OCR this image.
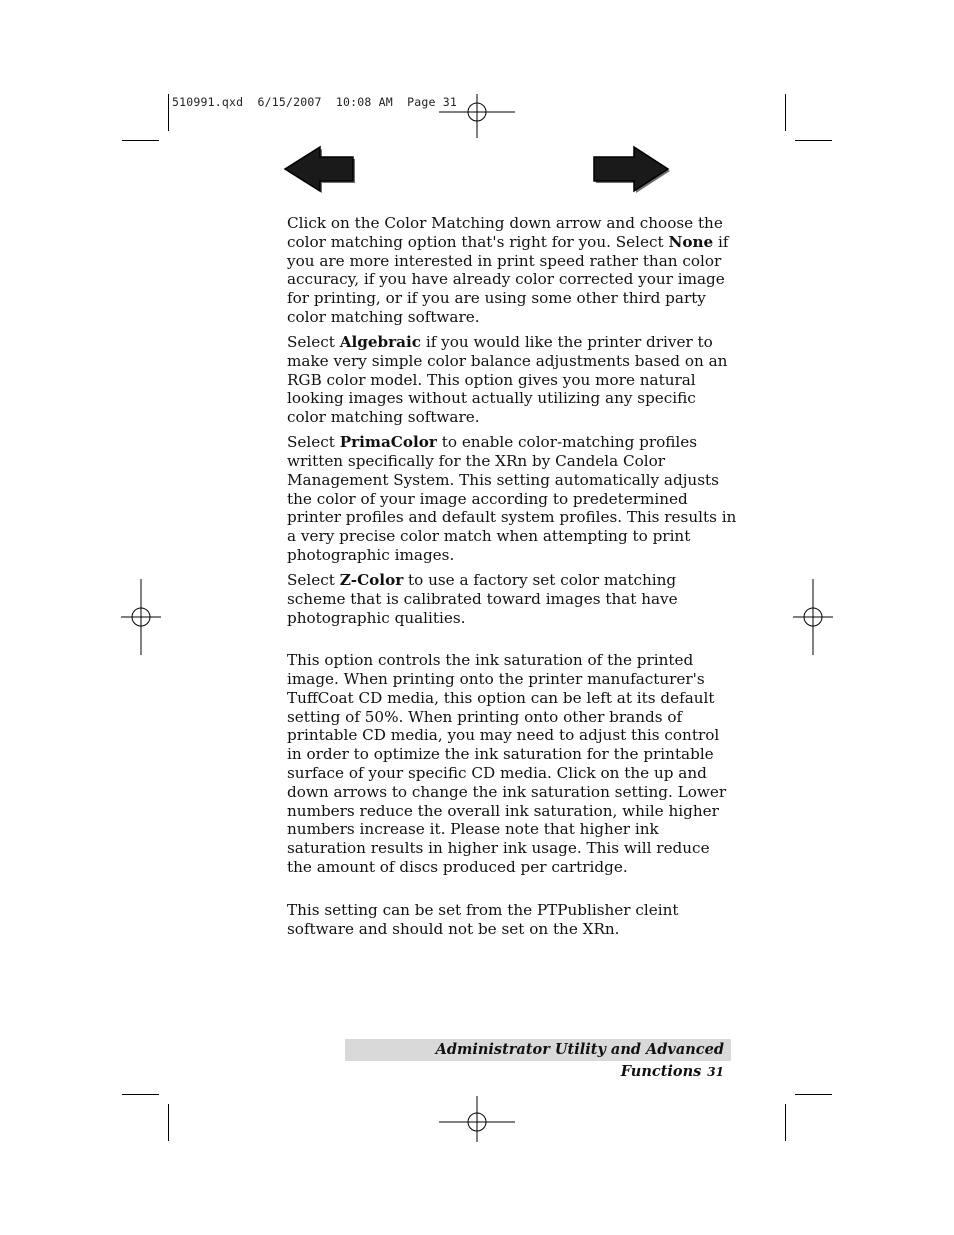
510991.qxd  6/15/2007  10:08 AM  Page 31

Click on the Color Matching down arrow and choose the color matching option that's right for you. Select None if you are more interested in print speed rather than color accuracy, if you have already color corrected your image for printing, or if you are using some other third party color matching software.

Select Algebraic if you would like the printer driver to make very simple color balance adjustments based on an RGB color model. This option gives you more natural looking images without actually utilizing any specific color matching software.

Select PrimaColor to enable color-matching profiles written specifically for the XRn by Candela Color Management System. This setting automatically adjusts the color of your image according to predetermined printer profiles and default system profiles. This results in a very precise color match when attempting to print photographic images.

Select Z-Color to use a factory set color matching scheme that is calibrated toward images that have photographic qualities.

This option controls the ink saturation of the printed image. When printing onto the printer manufacturer's TuffCoat CD media, this option can be left at its default setting of 50%. When printing onto other brands of printable CD media, you may need to adjust this control in order to optimize the ink saturation for the printable surface of your specific CD media. Click on the up and down arrows to change the ink saturation setting. Lower numbers reduce the overall ink saturation, while higher numbers increase it. Please note that higher ink saturation results in higher ink usage. This will reduce the amount of discs produced per cartridge.

This setting can be set from the PTPublisher cleint software and should not be set on the XRn.

Administrator Utility and Advanced Functions 31
